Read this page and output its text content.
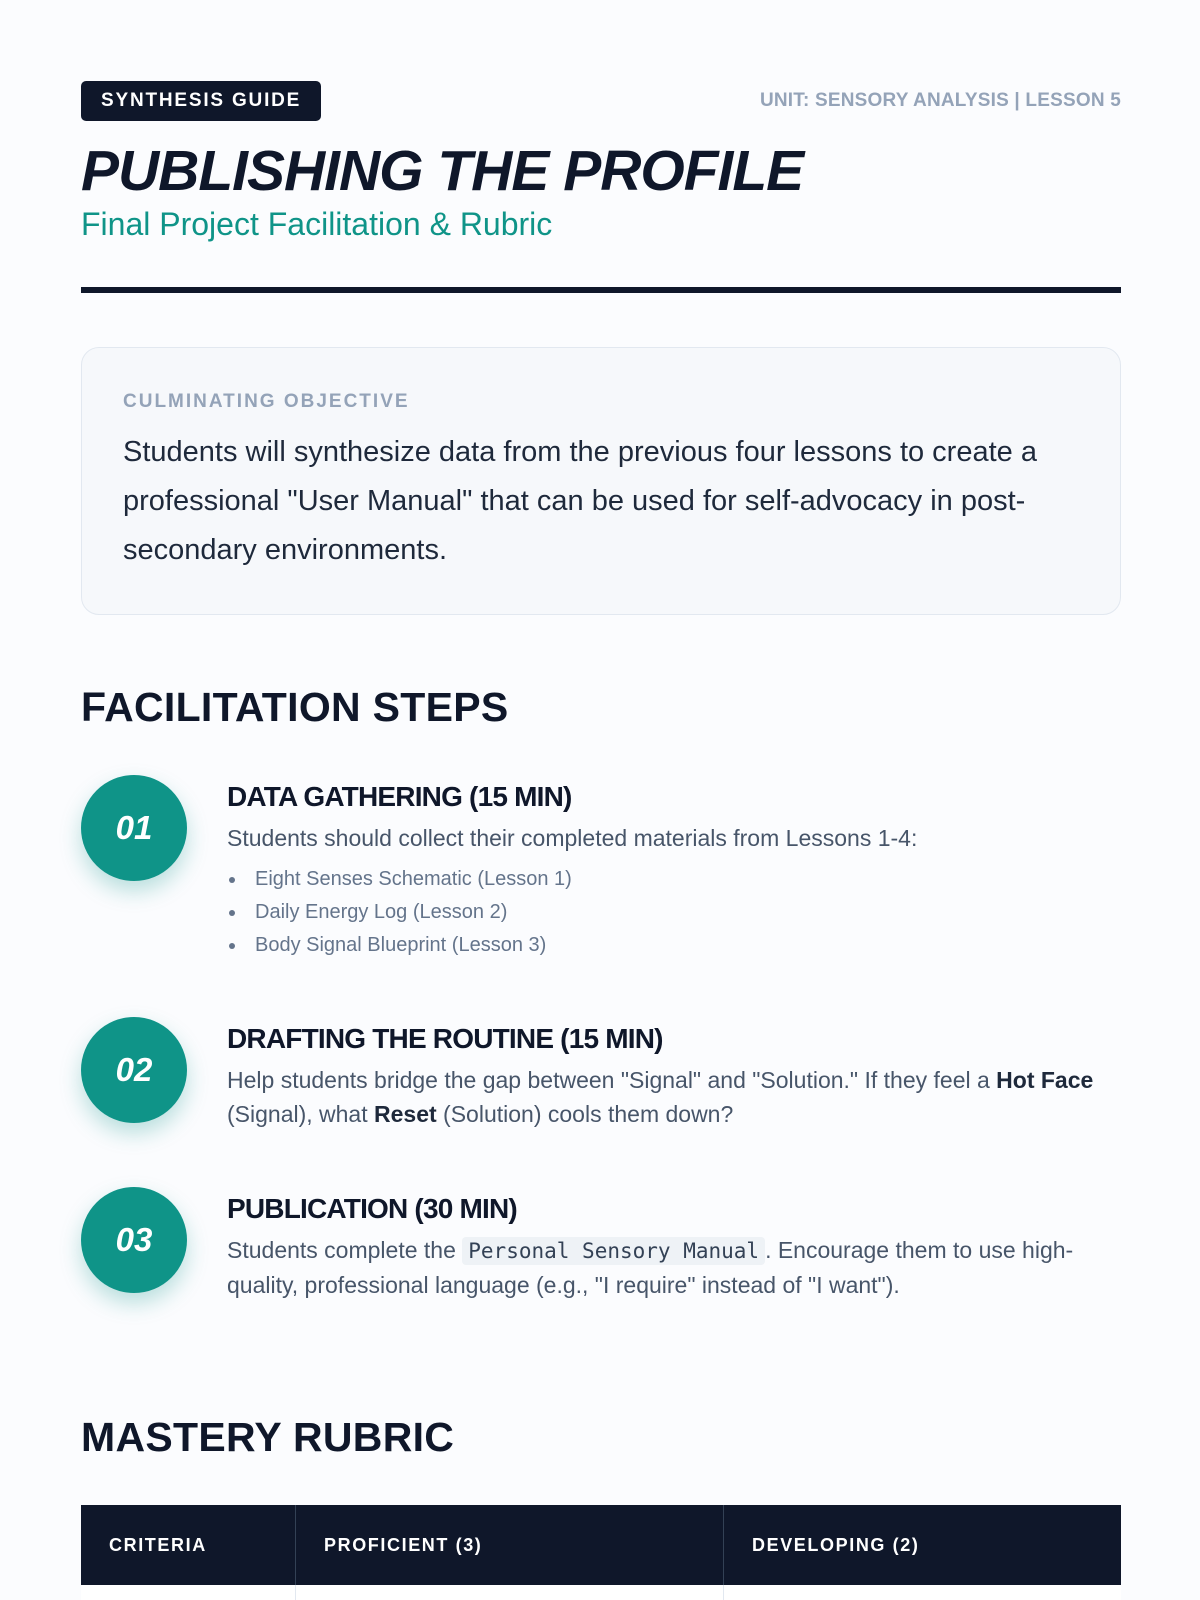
SYNTHESIS GUIDE	UNIT: SENSORY ANALYSIS | LESSON 5
PUBLISHING THE PROFILE
Final Project Facilitation & Rubric
CULMINATING OBJECTIVE
Students will synthesize data from the previous four lessons to create a professional "User Manual" that can be used for self-advocacy in post-secondary environments.
FACILITATION STEPS
01
DATA GATHERING (15 MIN)
Students should collect their completed materials from Lessons 1-4:
Eight Senses Schematic (Lesson 1)
Daily Energy Log (Lesson 2)
Body Signal Blueprint (Lesson 3)
02
DRAFTING THE ROUTINE (15 MIN)
Help students bridge the gap between "Signal" and "Solution." If they feel a Hot Face (Signal), what Reset (Solution) cools them down?
03
PUBLICATION (30 MIN)
Students complete the Personal Sensory Manual . Encourage them to use high-quality, professional language (e.g., "I require" instead of "I want").
MASTERY RUBRIC
CRITERIA	PROFICIENT (3)	DEVELOPING (2)
